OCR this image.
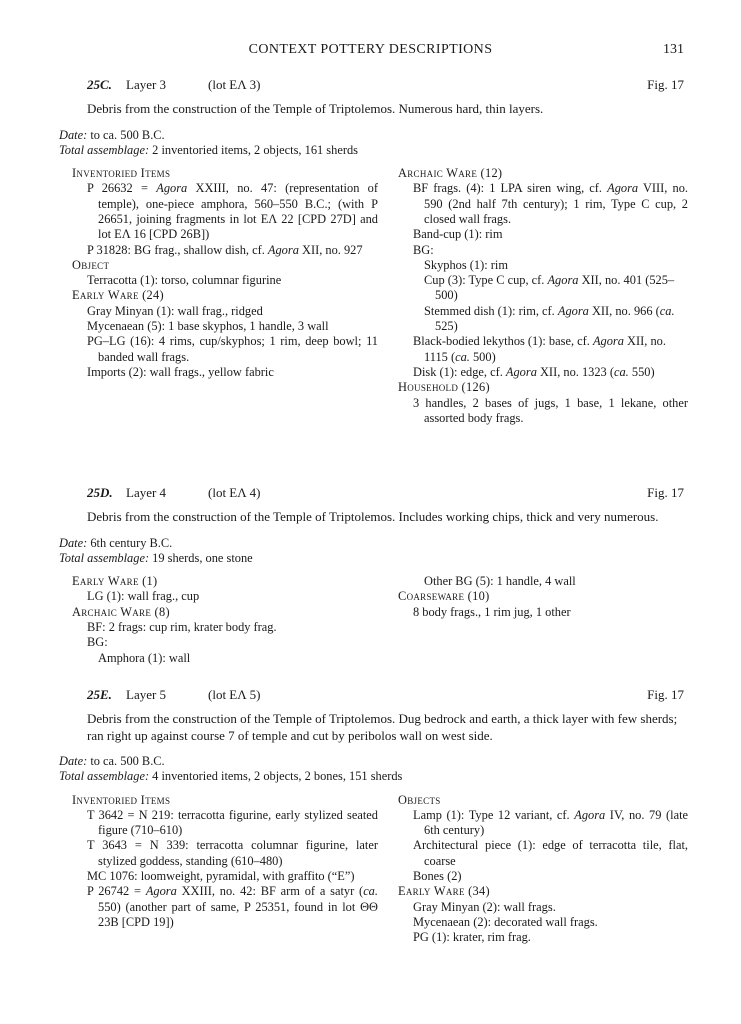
CONTEXT POTTERY DESCRIPTIONS	131
25C. Layer 3	(lot EΛ 3)	Fig. 17
Debris from the construction of the Temple of Triptolemos. Numerous hard, thin layers.
Date: to ca. 500 B.C.
Total assemblage: 2 inventoried items, 2 objects, 161 sherds
Inventoried Items
P 26632 = Agora XXIII, no. 47: (representation of temple), one-piece amphora, 560–550 B.C.; (with P 26651, joining fragments in lot EΛ 22 [CPD 27D] and lot EΛ 16 [CPD 26B])
P 31828: BG frag., shallow dish, cf. Agora XII, no. 927
Object
Terracotta (1): torso, columnar figurine
Early Ware (24)
Gray Minyan (1): wall frag., ridged
Mycenaean (5): 1 base skyphos, 1 handle, 3 wall
PG–LG (16): 4 rims, cup/skyphos; 1 rim, deep bowl; 11 banded wall frags.
Imports (2): wall frags., yellow fabric
Archaic Ware (12)
BF frags. (4): 1 LPA siren wing, cf. Agora VIII, no. 590 (2nd half 7th century); 1 rim, Type C cup, 2 closed wall frags.
Band-cup (1): rim
BG:
Skyphos (1): rim
Cup (3): Type C cup, cf. Agora XII, no. 401 (525–500)
Stemmed dish (1): rim, cf. Agora XII, no. 966 (ca. 525)
Black-bodied lekythos (1): base, cf. Agora XII, no. 1115 (ca. 500)
Disk (1): edge, cf. Agora XII, no. 1323 (ca. 550)
Household (126)
3 handles, 2 bases of jugs, 1 base, 1 lekane, other assorted body frags.
25D. Layer 4	(lot EΛ 4)	Fig. 17
Debris from the construction of the Temple of Triptolemos. Includes working chips, thick and very numerous.
Date: 6th century B.C.
Total assemblage: 19 sherds, one stone
Early Ware (1)
LG (1): wall frag., cup
Archaic Ware (8)
BF: 2 frags: cup rim, krater body frag.
BG:
Amphora (1): wall
Other BG (5): 1 handle, 4 wall
Coarseware (10)
8 body frags., 1 rim jug, 1 other
25E. Layer 5	(lot EΛ 5)	Fig. 17
Debris from the construction of the Temple of Triptolemos. Dug bedrock and earth, a thick layer with few sherds; ran right up against course 7 of temple and cut by peribolos wall on west side.
Date: to ca. 500 B.C.
Total assemblage: 4 inventoried items, 2 objects, 2 bones, 151 sherds
Inventoried Items
T 3642 = N 219: terracotta figurine, early stylized seated figure (710–610)
T 3643 = N 339: terracotta columnar figurine, later stylized goddess, standing (610–480)
MC 1076: loomweight, pyramidal, with graffito (“E”)
P 26742 = Agora XXIII, no. 42: BF arm of a satyr (ca. 550) (another part of same, P 25351, found in lot ΘΘ 23B [CPD 19])
Objects
Lamp (1): Type 12 variant, cf. Agora IV, no. 79 (late 6th century)
Architectural piece (1): edge of terracotta tile, flat, coarse
Bones (2)
Early Ware (34)
Gray Minyan (2): wall frags.
Mycenaean (2): decorated wall frags.
PG (1): krater, rim frag.
